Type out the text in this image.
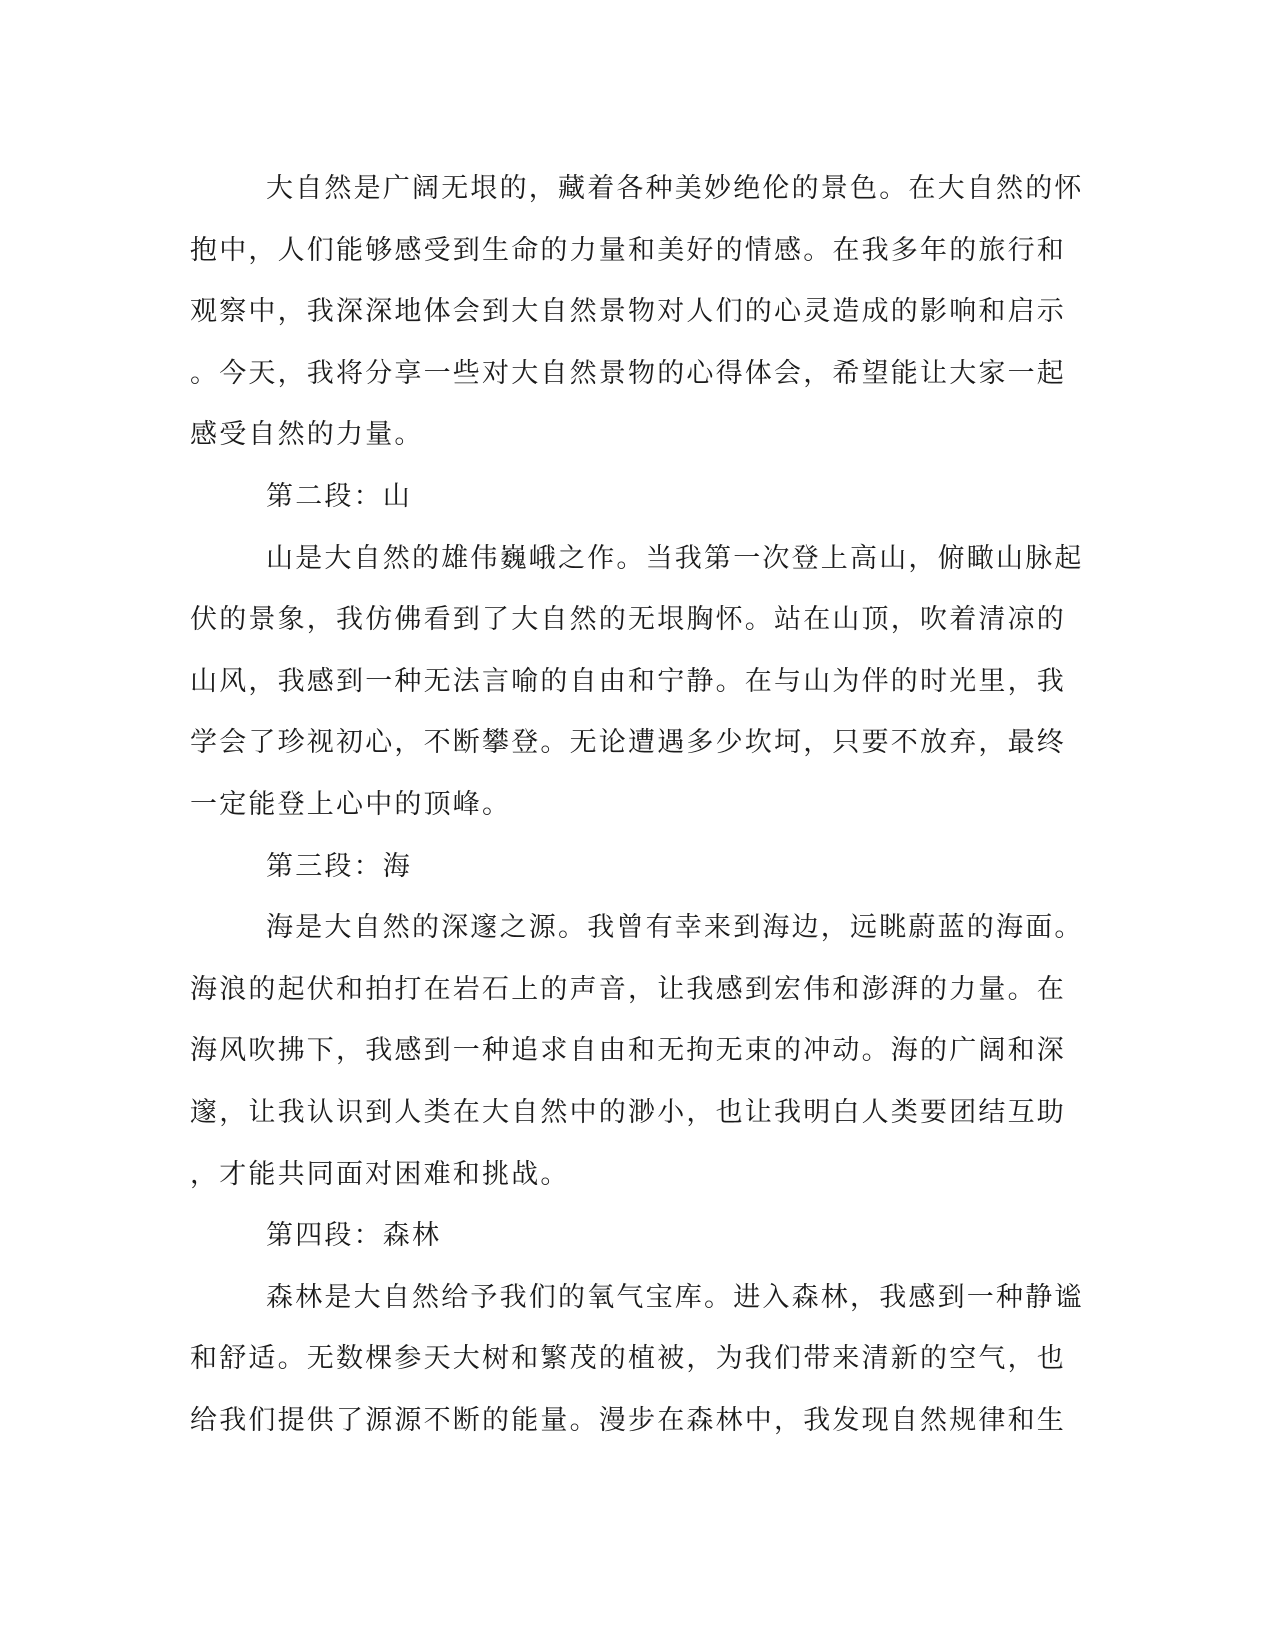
大自然是广阔无垠的，藏着各种美妙绝伦的景色。在大自然的怀
抱中，人们能够感受到生命的力量和美好的情感。在我多年的旅行和
观察中，我深深地体会到大自然景物对人们的心灵造成的影响和启示
。今天，我将分享一些对大自然景物的心得体会，希望能让大家一起
感受自然的力量。
第二段：山
山是大自然的雄伟巍峨之作。当我第一次登上高山，俯瞰山脉起
伏的景象，我仿佛看到了大自然的无垠胸怀。站在山顶，吹着清凉的
山风，我感到一种无法言喻的自由和宁静。在与山为伴的时光里，我
学会了珍视初心，不断攀登。无论遭遇多少坎坷，只要不放弃，最终
一定能登上心中的顶峰。
第三段：海
海是大自然的深邃之源。我曾有幸来到海边，远眺蔚蓝的海面。
海浪的起伏和拍打在岩石上的声音，让我感到宏伟和澎湃的力量。在
海风吹拂下，我感到一种追求自由和无拘无束的冲动。海的广阔和深
邃，让我认识到人类在大自然中的渺小，也让我明白人类要团结互助
，才能共同面对困难和挑战。
第四段：森林
森林是大自然给予我们的氧气宝库。进入森林，我感到一种静谧
和舒适。无数棵参天大树和繁茂的植被，为我们带来清新的空气，也
给我们提供了源源不断的能量。漫步在森林中，我发现自然规律和生
